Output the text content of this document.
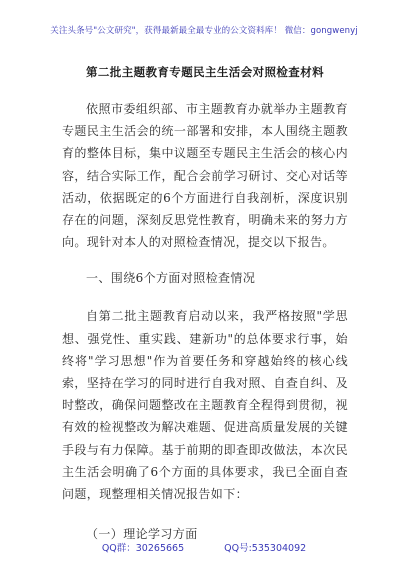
关注头条号"公文研究"，获得最新最全最专业的公文资料库！ 微信：gongwenyj

第二批主题教育专题民主生活会对照检查材料

依照市委组织部、市主题教育办就举办主题教育专题民主生活会的统一部署和安排，本人围绕主题教育的整体目标，集中议题至专题民主生活会的核心内容，结合实际工作，配合会前学习研讨、交心对话等活动，依据既定的6个方面进行自我剖析，深度识别存在的问题，深刻反思党性教育，明确未来的努力方向。现针对本人的对照检查情况，提交以下报告。

一、围绕6个方面对照检查情况

自第二批主题教育启动以来，我严格按照"学思想、强党性、重实践、建新功"的总体要求行事，始终将"学习思想"作为首要任务和穿越始终的核心线索，坚持在学习的同时进行自我对照、自查自纠、及时整改，确保问题整改在主题教育全程得到贯彻，视有效的检视整改为解决难题、促进高质量发展的关键手段与有力保障。基于前期的即查即改做法，本次民主生活会明确了6个方面的具体要求，我已全面自查问题，现整理相关情况报告如下：

（一）理论学习方面

QQ群：30265665	QQ号:535304092
